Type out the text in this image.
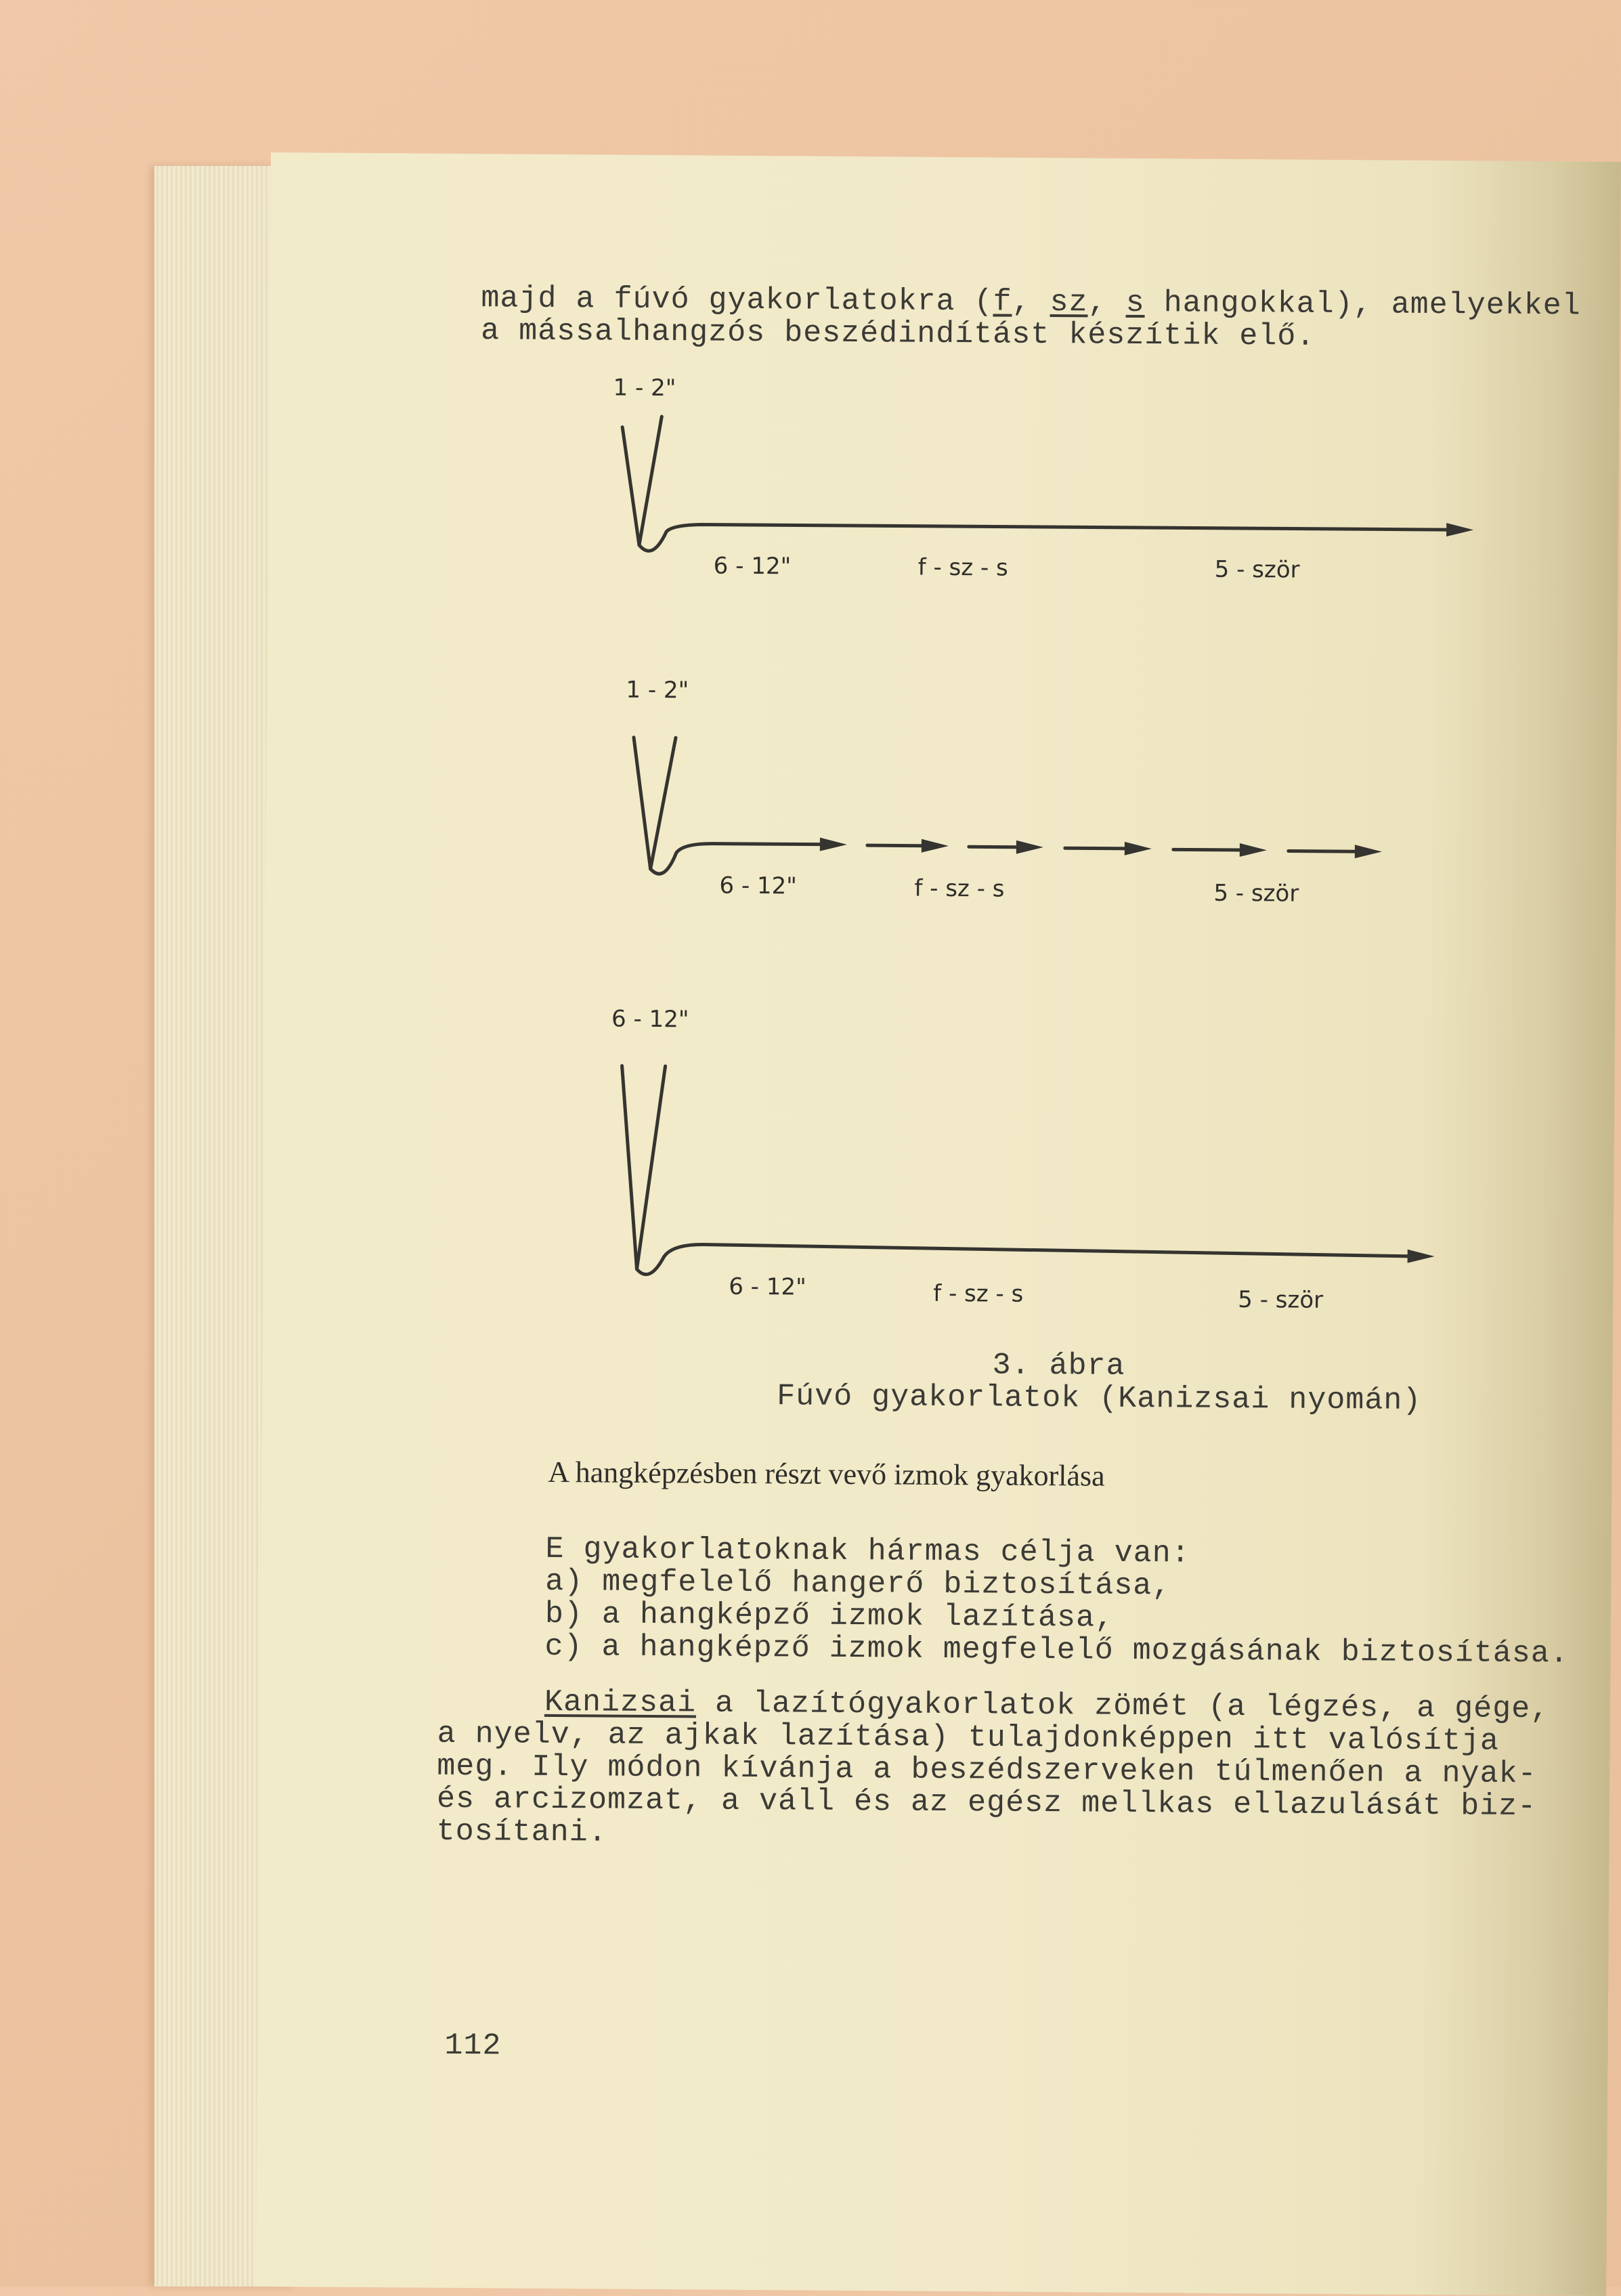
majd a fúvó gyakorlatokra (f, sz, s hangokkal), amelyekkel
a mássalhangzós beszédindítást készítik elő.
1 - 2"
6 - 12"	f - sz - s	5 - ször
1 - 2"
6 - 12"	f - sz - s	5 - ször
6 - 12"
6 - 12"	f - sz - s	5 - ször
3. ábra
Fúvó gyakorlatok (Kanizsai nyomán)
A hangképzésben részt vevő izmok gyakorlása
E gyakorlatoknak hármas célja van:
a) megfelelő hangerő biztosítása,
b) a hangképző izmok lazítása,
c) a hangképző izmok megfelelő mozgásának biztosítása.
Kanizsai a lazítógyakorlatok zömét (a légzés, a gége,
a nyelv, az ajkak lazítása) tulajdonképpen itt valósítja
meg. Ily módon kívánja a beszédszerveken túlmenően a nyak-
és arcizomzat, a váll és az egész mellkas ellazulását biz-
tosítani.
112
